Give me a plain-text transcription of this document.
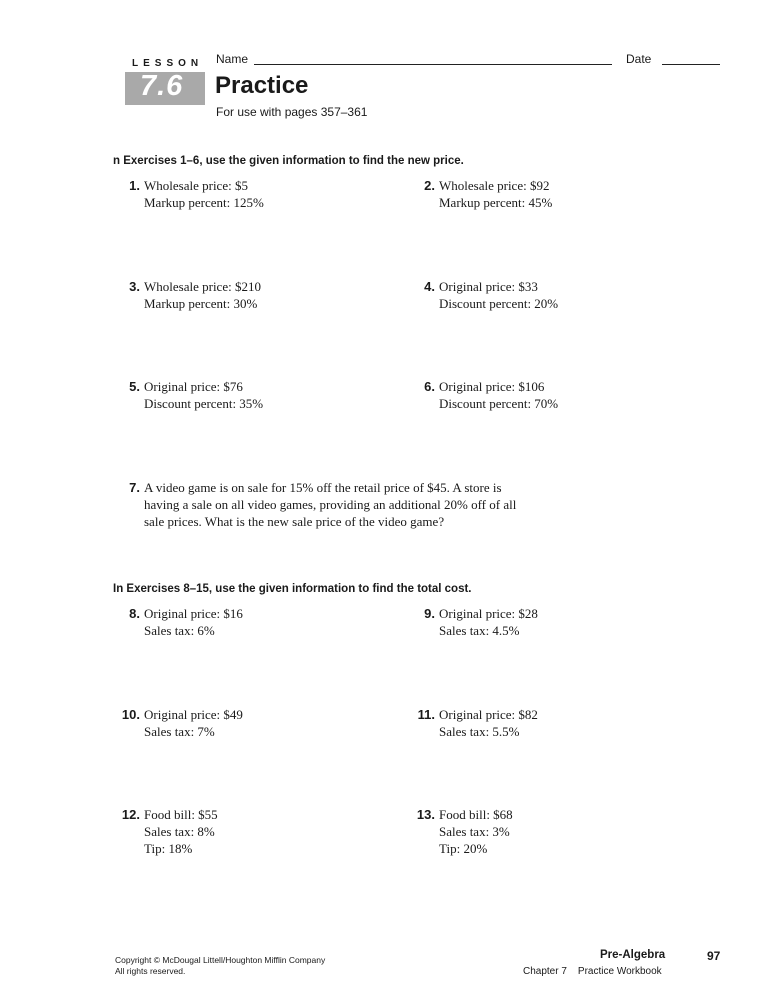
LESSON
7.6
Name	Date
Practice
For use with pages 357–361
n Exercises 1–6, use the given information to find the new price.
1. Wholesale price: $5
Markup percent: 125%
2. Wholesale price: $92
Markup percent: 45%
3. Wholesale price: $210
Markup percent: 30%
4. Original price: $33
Discount percent: 20%
5. Original price: $76
Discount percent: 35%
6. Original price: $106
Discount percent: 70%
7. A video game is on sale for 15% off the retail price of $45. A store is
having a sale on all video games, providing an additional 20% off of all
sale prices. What is the new sale price of the video game?
In Exercises 8–15, use the given information to find the total cost.
8. Original price: $16
Sales tax: 6%
9. Original price: $28
Sales tax: 4.5%
10. Original price: $49
Sales tax: 7%
11. Original price: $82
Sales tax: 5.5%
12. Food bill: $55
Sales tax: 8%
Tip: 18%
13. Food bill: $68
Sales tax: 3%
Tip: 20%
Copyright © McDougal Littell/Houghton Mifflin Company
All rights reserved.
Pre-Algebra	97
Chapter 7 Practice Workbook
